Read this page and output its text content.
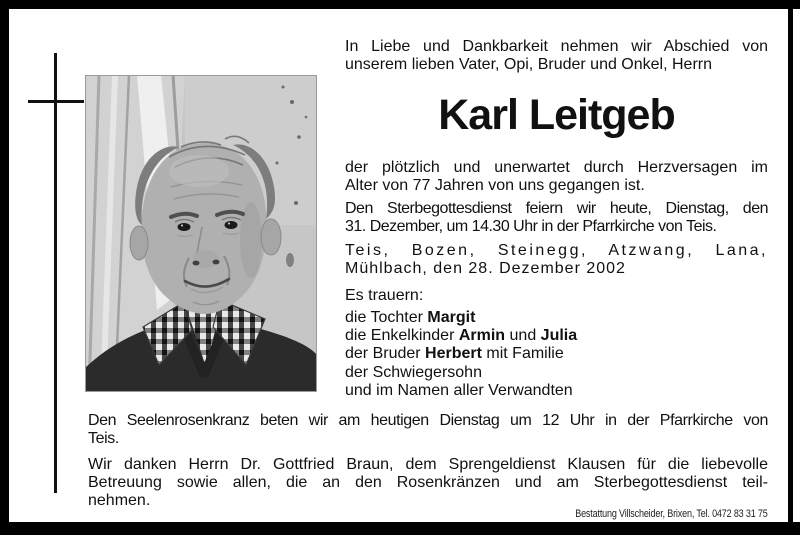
In Liebe und Dankbarkeit nehmen wir Abschied von
unserem lieben Vater, Opi, Bruder und Onkel, Herrn
Karl Leitgeb
der plötzlich und unerwartet durch Herzversagen im
Alter von 77 Jahren von uns gegangen ist.
Den Sterbegottesdienst feiern wir heute, Dienstag, den
31. Dezember, um 14.30 Uhr in der Pfarrkirche von Teis.
Teis, Bozen, Steinegg, Atzwang, Lana,
Mühlbach, den 28. Dezember 2002
Es trauern:
die Tochter Margit
die Enkelkinder Armin und Julia
der Bruder Herbert mit Familie
der Schwiegersohn
und im Namen aller Verwandten
Den Seelenrosenkranz beten wir am heutigen Dienstag um 12 Uhr in der Pfarrkirche von
Teis.
Wir danken Herrn Dr. Gottfried Braun, dem Sprengeldienst Klausen für die liebevolle
Betreuung sowie allen, die an den Rosenkränzen und am Sterbegottesdienst teil-
nehmen.
Bestattung Villscheider, Brixen, Tel. 0472 83 31 75
